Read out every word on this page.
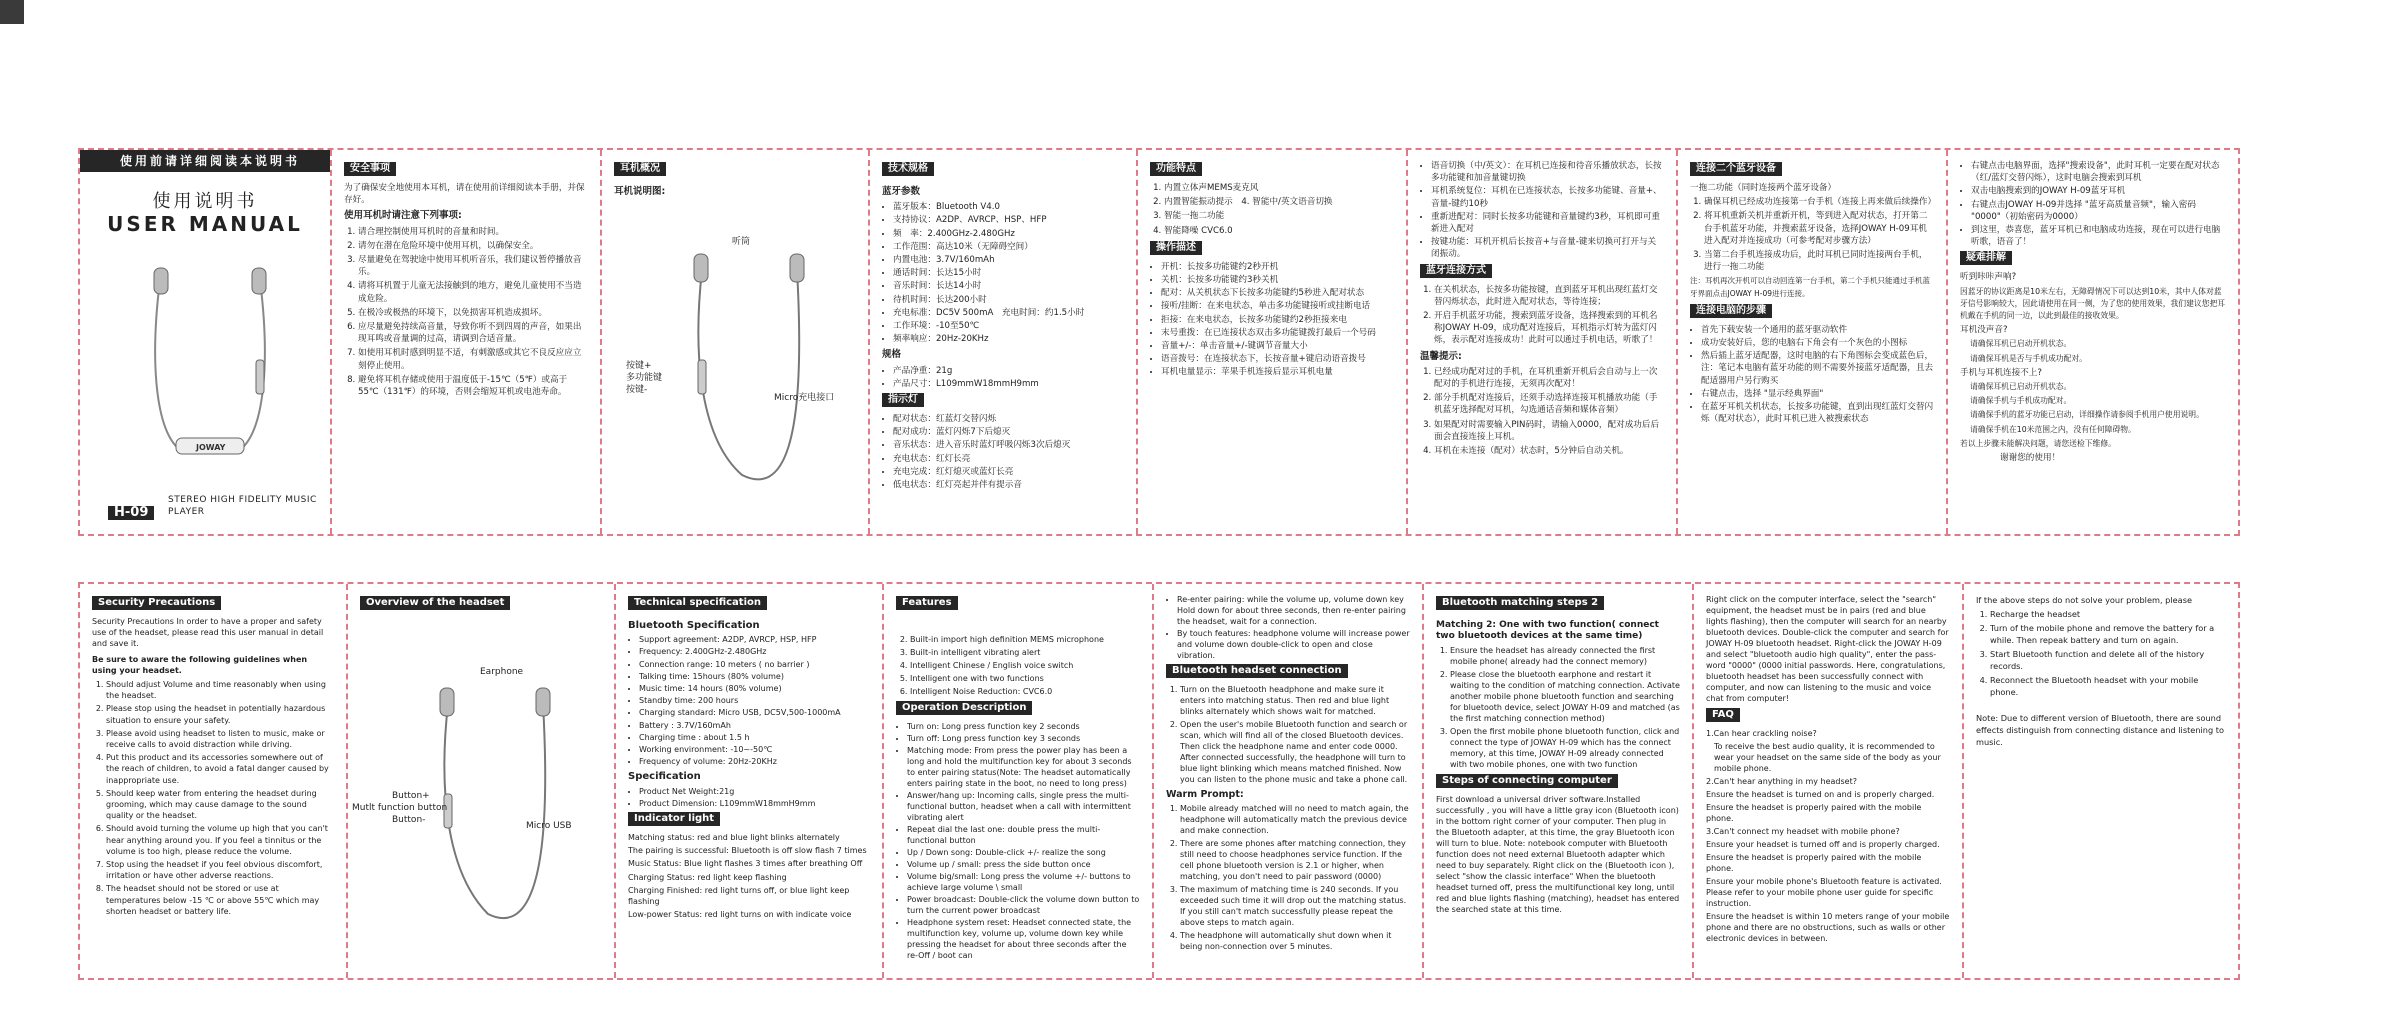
使用前请详细阅读本说明书
使用说明书
USER MANUAL
JOWAY
H-09
STEREO HIGH FIDELITY MUSIC PLAYER
安全事项
为了确保安全地使用本耳机，请在使用前详细阅读本手册，并保存好。
使用耳机时请注意下列事项:
1. 请合理控制使用耳机时的音量和时间。
2. 请勿在潜在危险环境中使用耳机，以确保安全。
3. 尽量避免在驾驶途中使用耳机听音乐，我们建议暂停播放音乐。
4. 请将耳机置于儿童无法接触到的地方，避免儿童使用不当造成危险。
5. 在极冷或极热的环境下，以免损害耳机造成损坏。
6. 应尽量避免持续高音量，导致你听不到四周的声音，如果出现耳鸣或音量调的过高，请调到合适音量。
7. 如使用耳机时感到明显不适，有刺激感或其它不良反应应立刻停止使用。
8. 避免将耳机存储或使用于温度低于-15℃（5℉）或高于55℃（131℉）的环境，否则会缩短耳机或电池寿命。
耳机概况
耳机说明图:
听筒
按键+
多功能键
按键-
Micro充电接口
技术规格
蓝牙参数
• 蓝牙版本：Bluetooth V4.0
• 支持协议：A2DP、AVRCP、HSP、HFP
• 频　率：2.400GHz-2.480GHz
• 工作范围：高达10米（无障碍空间）
• 内置电池：3.7V/160mAh
• 通话时间：长达15小时
• 音乐时间：长达14小时
• 待机时间：长达200小时
• 充电标准：DC5V 500mA　充电时间：约1.5小时
• 工作环境：-10至50℃
• 频率响应：20Hz-20KHz
规格
• 产品净重：21g
• 产品尺寸：L109mmW18mmH9mm
指示灯
• 配对状态：红蓝灯交替闪烁
• 配对成功：蓝灯闪烁7下后熄灭
• 音乐状态：进入音乐时蓝灯呼吸闪烁3次后熄灭
• 充电状态：红灯长亮
• 充电完成：红灯熄灭或蓝灯长亮
• 低电状态：红灯亮起并伴有提示音
功能特点
1. 内置立体声MEMS麦克风
2. 内置智能振动提示　4. 智能中/英文语音切换
3. 智能一拖二功能
4. 智能降噪 CVC6.0
操作描述
• 开机：长按多功能键约2秒开机
• 关机：长按多功能键约3秒关机
• 配对：从关机状态下长按多功能键约5秒进入配对状态
• 接听/挂断：在来电状态，单击多功能键接听或挂断电话
• 拒接：在来电状态，长按多功能键约2秒拒接来电
• 末号重拨：在已连接状态双击多功能键拨打最后一个号码
• 音量+/-：单击音量+/-键调节音量大小
• 语音拨号：在连接状态下，长按音量+键启动语音拨号
• 耳机电量显示：苹果手机连接后显示耳机电量
• 语音切换（中/英文）：在耳机已连接和待音乐播放状态，长按多功能键和加音量键切换
• 耳机系统复位：耳机在已连接状态，长按多功能键、音量+、音量-键约10秒
• 重新进配对：同时长按多功能键和音量键约3秒，耳机即可重新进入配对
• 按键功能：耳机开机后长按音+与音量-键来切换可打开与关闭振动。
蓝牙连接方式
1. 在关机状态，长按多功能按键，直到蓝牙耳机出现红蓝灯交替闪烁状态，此时进入配对状态，等待连接；
2. 开启手机蓝牙功能，搜索到蓝牙设备，选择搜索到的耳机名称JOWAY H-09，成功配对连接后，耳机指示灯转为蓝灯闪烁，表示配对连接成功！此时可以通过手机电话，听歌了！
温馨提示:
1. 已经成功配对过的手机，在耳机重新开机后会自动与上一次配对的手机进行连接，无须再次配对！
2. 部分手机配对连接后，还须手动选择连接耳机播放功能（手机蓝牙选择配对耳机，勾选通话音频和媒体音频）
3. 如果配对时需要输入PIN码时，请输入0000，配对成功后后面会直接连接上耳机。
4. 耳机在未连接（配对）状态时，5分钟后自动关机。
连接二个蓝牙设备
一拖二功能（同时连接两个蓝牙设备）
1. 确保耳机已经成功连接第一台手机（连接上再来做后续操作）
2. 将耳机重新关机并重新开机，等到进入配对状态，打开第二台手机蓝牙功能，并搜索蓝牙设备，选择JOWAY H-09耳机进入配对并连接成功（可参考配对步骤方法）
3. 当第二台手机连接成功后，此时耳机已同时连接两台手机，进行一拖二功能
注：耳机再次开机可以自动回连第一台手机，第二个手机只能通过手机蓝牙界面点击JOWAY H-09进行连接。
连接电脑的步骤
• 首先下载安装一个通用的蓝牙驱动软件
• 成功安装好后，您的电脑右下角会有一个灰色的小图标
• 然后插上蓝牙适配器，这时电脑的右下角图标会变成蓝色后，注：笔记本电脑有蓝牙功能的则不需要外接蓝牙适配器，且去配适器用户另行购买
• 右键点击，选择 "显示经典界面"
• 在蓝牙耳机关机状态，长按多功能键，直到出现红蓝灯交替闪烁（配对状态），此时耳机已进入被搜索状态
• 右键点击电脑界面，选择"搜索设备"，此时耳机一定要在配对状态（红/蓝灯交替闪烁），这时电脑会搜索到耳机
• 双击电脑搜索到的JOWAY H-09蓝牙耳机
• 右键点击JOWAY H-09并选择 "蓝牙高质量音频"，输入密码 "0000"（初始密码为0000）
• 到这里，恭喜您，蓝牙耳机已和电脑成功连接，现在可以进行电脑听歌，语音了！
疑难排解
听到咔咔声响?
因蓝牙的协议距离是10米左右，无障碍情况下可以达到10米，其中人体对蓝牙信号影响较大，因此请使用在同一侧，为了您的使用效果，我们建议您把耳机戴在手机的同一边，以此到最佳的接收效果。
耳机没声音?
请确保耳机已启动开机状态。
请确保耳机是否与手机成功配对。
手机与耳机连接不上?
请确保耳机已启动开机状态。
请确保手机与手机成功配对。
请确保手机的蓝牙功能已启动，详细操作请参阅手机用户使用说明。
请确保手机在10米范围之内，没有任何障碍物。
若以上步骤未能解决问题，请您送检下维修。
谢谢您的使用！
Security Precautions
Security Precautions In order to have a proper and safety use of the headset, please read this user manual in detail and save it.
Be sure to aware the following guidelines when using your headset.
1. Should adjust Volume and time reasonably when using the headset.
2. Please stop using the headset in potentially hazardous situation to ensure your safety.
3. Please avoid using headset to listen to music, make or receive calls to avoid distraction while driving.
4. Put this product and its accessories somewhere out of the reach of children, to avoid a fatal danger caused by inappropriate use.
5. Should keep water from entering the headset during grooming, which may cause damage to the sound quality or the headset.
6. Should avoid turning the volume up high that you can't hear anything around you. If you feel a tinnitus or the volume is too high, please reduce the volume.
7. Stop using the headset if you feel obvious discomfort, irritation or have other adverse reactions.
8. The headset should not be stored or use at temperatures below -15 ℃ or above 55℃ which may shorten headset or battery life.
Overview of the headset
Earphone
Button+
Mutlt function button
Button-
Micro USB
Technical specification
Bluetooth Specification
• Support agreement: A2DP, AVRCP, HSP, HFP
• Frequency: 2.400GHz-2.480GHz
• Connection range: 10 meters ( no barrier )
• Talking time: 15hours (80% volume)
• Music time: 14 hours (80% volume)
• Standby time: 200 hours
• Charging standard: Micro USB, DC5V,500-1000mA
• Battery : 3.7V/160mAh
• Charging time : about 1.5 h
• Working environment: -10~-50℃
• Frequency of volume: 20Hz-20KHz
Specification
• Product Net Weight:21g
• Product Dimension: L109mmW18mmH9mm
Indicator light
Matching status: red and blue light blinks alternately
The pairing is successful: Bluetooth is off slow flash 7 times
Music Status: Blue light flashes 3 times after breathing Off
Charging Status: red light keep flashing
Charging Finished: red light turns off, or blue light keep flashing
Low-power Status: red light turns on with indicate voice
Features
2. Built-in import high definition MEMS microphone
3. Built-in intelligent vibrating alert
4. Intelligent Chinese / English voice switch
5. Intelligent one with two functions
6. Intelligent Noise Reduction: CVC6.0
Operation Description
• Turn on: Long press function key 2 seconds
• Turn off: Long press function key 3 seconds
• Matching mode: From press the power play has been a long and hold the multifunction key for about 3 seconds to enter pairing status(Note: The headset automatically enters pairing state in the boot, no need to long press)
• Answer/hang up: Incoming calls, single press the multi-functional button, headset when a call with intermittent vibrating alert
• Repeat dial the last one: double press the multi-functional button
• Up / Down song: Double-click +/- realize the song
• Volume up / small: press the side button once
• Volume big/small: Long press the volume +/- buttons to achieve large volume \ small
• Power broadcast: Double-click the volume down button to turn the current power broadcast
• Headphone system reset: Headset connected state, the multifunction key, volume up, volume down key while pressing the headset for about three seconds after the re-Off / boot can
• Re-enter pairing: while the volume up, volume down key Hold down for about three seconds, then re-enter pairing the headset, wait for a connection.
• By touch features: headphone volume will increase power and volume down double-click to open and close vibration.
Bluetooth headset connection
1. Turn on the Bluetooth headphone and make sure it enters into matching status. Then red and blue light blinks alternately which shows wait for matched.
2. Open the user's mobile Bluetooth function and search or scan, which will find all of the closed Bluetooth devices. Then click the headphone name and enter code 0000. After connected successfully, the headphone will turn to blue light blinking which means matched finished. Now you can listen to the phone music and take a phone call.
Warm Prompt:
1. Mobile already matched will no need to match again, the headphone will automatically match the previous device and make connection.
2. There are some phones after matching connection, they still need to choose headphones service function. If the cell phone bluetooth version is 2.1 or higher, when matching, you don't need to pair password (0000)
3. The maximum of matching time is 240 seconds. If you exceeded such time it will drop out the matching status. If you still can't match successfully please repeat the above steps to match again.
4. The headphone will automatically shut down when it being non-connection over 5 minutes.
Bluetooth matching steps 2
Matching 2: One with two function( connect two bluetooth devices at the same time)
1. Ensure the headset has already connected the first mobile phone( already had the connect memory)
2. Please close the bluetooth earphone and restart it waiting to the condition of matching connection. Activate another mobile phone bluetooth function and searching for bluetooth device, select JOWAY H-09 and matched (as the first matching connection method)
3. Open the first mobile phone bluetooth function, click and connect the type of JOWAY H-09 which has the connect memory, at this time, JOWAY H-09 already connected with two mobile phones, one with two function
Steps of connecting computer
First download a universal driver software.Installed successfully , you will have a little gray icon (Bluetooth icon) in the bottom right corner of your computer. Then plug in the Bluetooth adapter, at this time, the gray Bluetooth icon will turn to blue. Note: notebook computer with Bluetooth function does not need external Bluetooth adapter which need to buy separately. Right click on the (Bluetooth icon ), select "show the classic interface" When the bluetooth headset turned off, press the multifunctional key long, until red and blue lights flashing (matching), headset has entered the searched state at this time.
Right click on the computer interface, select the "search" equipment, the headset must be in pairs (red and blue lights flashing), then the computer will search for an nearby bluetooth devices. Double-click the computer and search for JOWAY H-09 bluetooth headset. Right-click the JOWAY H-09 and select "bluetooth audio high quality", enter the pass-word "0000" (0000 initial passwords. Here, congratulations, bluetooth headset has been successfully connect with computer, and now can listening to the music and voice chat from computer!
FAQ
1.Can hear crackling noise?
To receive the best audio quality, it is recommended to wear your headset on the same side of the body as your mobile phone.
2.Can't hear anything in my headset?
Ensure the headset is turned on and is properly charged.
Ensure the headset is properly paired with the mobile phone.
3.Can't connect my headset with mobile phone?
Ensure your headset is turned off and is properly charged.
Ensure the headset is properly paired with the mobile phone.
Ensure your mobile phone's Bluetooth feature is activated. Please refer to your mobile phone user guide for specific instruction.
Ensure the headset is within 10 meters range of your mobile phone and there are no obstructions, such as walls or other electronic devices in between.
If the above steps do not solve your problem, please
1. Recharge the headset
2. Turn of the mobile phone and remove the battery for a while. Then repeak battery and turn on again.
3. Start Bluetooth function and delete all of the history records.
4. Reconnect the Bluetooth headset with your mobile phone.
Note: Due to different version of Bluetooth, there are sound effects distinguish from connecting distance and listening to music.
